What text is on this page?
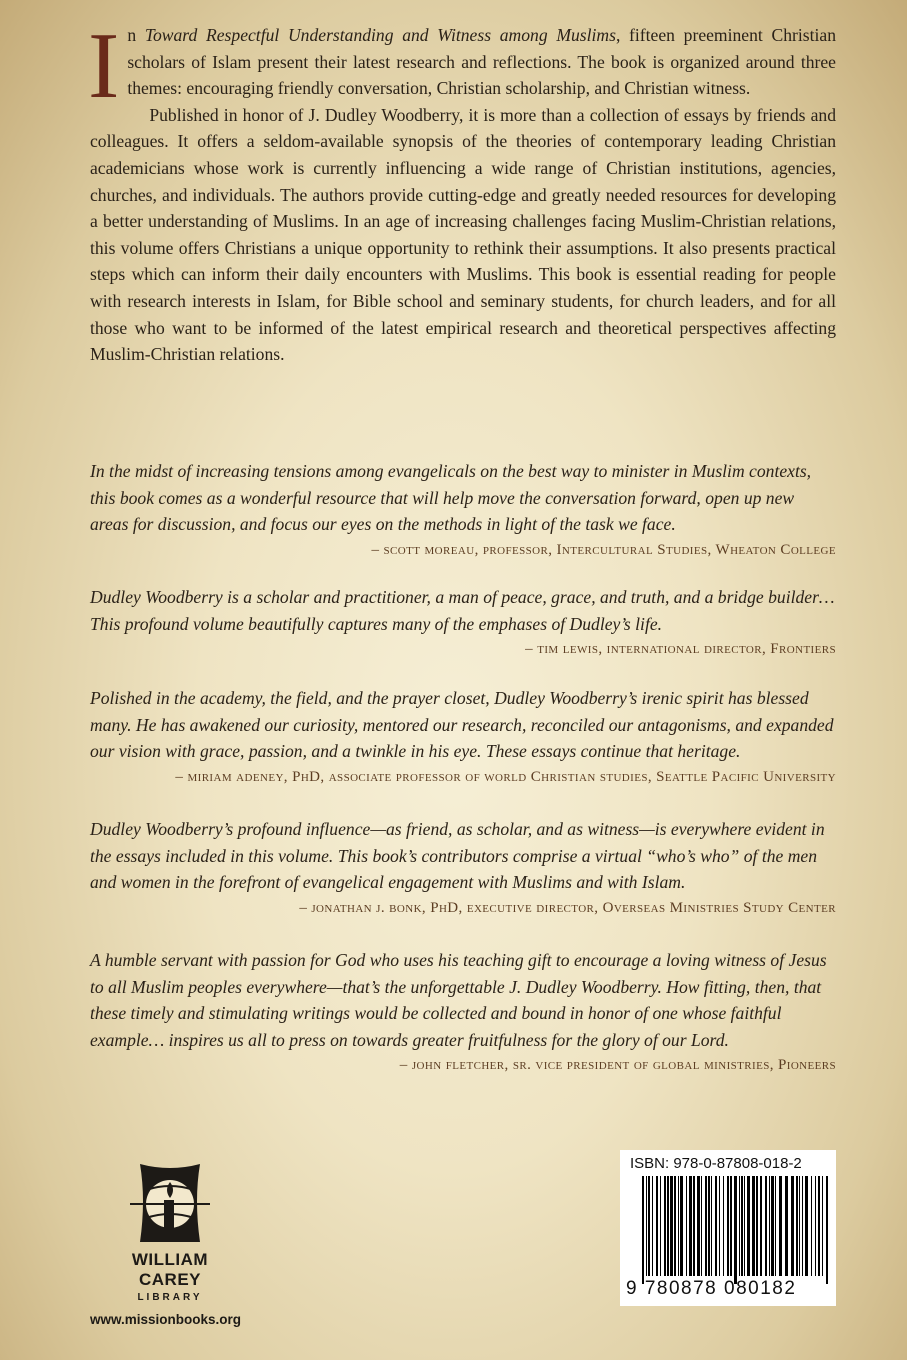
In Toward Respectful Understanding and Witness among Muslims, fifteen preeminent Christian scholars of Islam present their latest research and reflections. The book is organized around three themes: encouraging friendly conversation, Christian scholarship, and Christian witness.

Published in honor of J. Dudley Woodberry, it is more than a collection of essays by friends and colleagues. It offers a seldom-available synopsis of the theories of contemporary leading Christian academicians whose work is currently influencing a wide range of Christian institutions, agencies, churches, and individuals. The authors provide cutting-edge and greatly needed resources for developing a better understanding of Muslims. In an age of increasing challenges facing Muslim-Christian relations, this volume offers Christians a unique opportunity to rethink their assumptions. It also presents practical steps which can inform their daily encounters with Muslims. This book is essential reading for people with research interests in Islam, for Bible school and seminary students, for church leaders, and for all those who want to be informed of the latest empirical research and theoretical perspectives affecting Muslim-Christian relations.

In the midst of increasing tensions among evangelicals on the best way to minister in Muslim contexts, this book comes as a wonderful resource that will help move the conversation forward, open up new areas for discussion, and focus our eyes on the methods in light of the task we face.

– scott moreau, professor, Intercultural Studies, Wheaton College

Dudley Woodberry is a scholar and practitioner, a man of peace, grace, and truth, and a bridge builder… This profound volume beautifully captures many of the emphases of Dudley’s life.

– tim lewis, international director, Frontiers

Polished in the academy, the field, and the prayer closet, Dudley Woodberry’s irenic spirit has blessed many. He has awakened our curiosity, mentored our research, reconciled our antagonisms, and expanded our vision with grace, passion, and a twinkle in his eye. These essays continue that heritage.

– miriam adeney, PhD, associate professor of world Christian studies, Seattle Pacific University

Dudley Woodberry’s profound influence—as friend, as scholar, and as witness—is everywhere evident in the essays included in this volume. This book’s contributors comprise a virtual “who’s who” of the men and women in the forefront of evangelical engagement with Muslims and with Islam.

– jonathan j. bonk, PhD, executive director, Overseas Ministries Study Center

A humble servant with passion for God who uses his teaching gift to encourage a loving witness of Jesus to all Muslim peoples everywhere—that’s the unforgettable J. Dudley Woodberry. How fitting, then, that these timely and stimulating writings would be collected and bound in honor of one whose faithful example… inspires us all to press on towards greater fruitfulness for the glory of our Lord.

– john fletcher, sr. vice president of global ministries, Pioneers
WILLIAM CAREY
LIBRARY
www.missionbooks.org
ISBN: 978-0-87808-018-2
9 780878 080182
